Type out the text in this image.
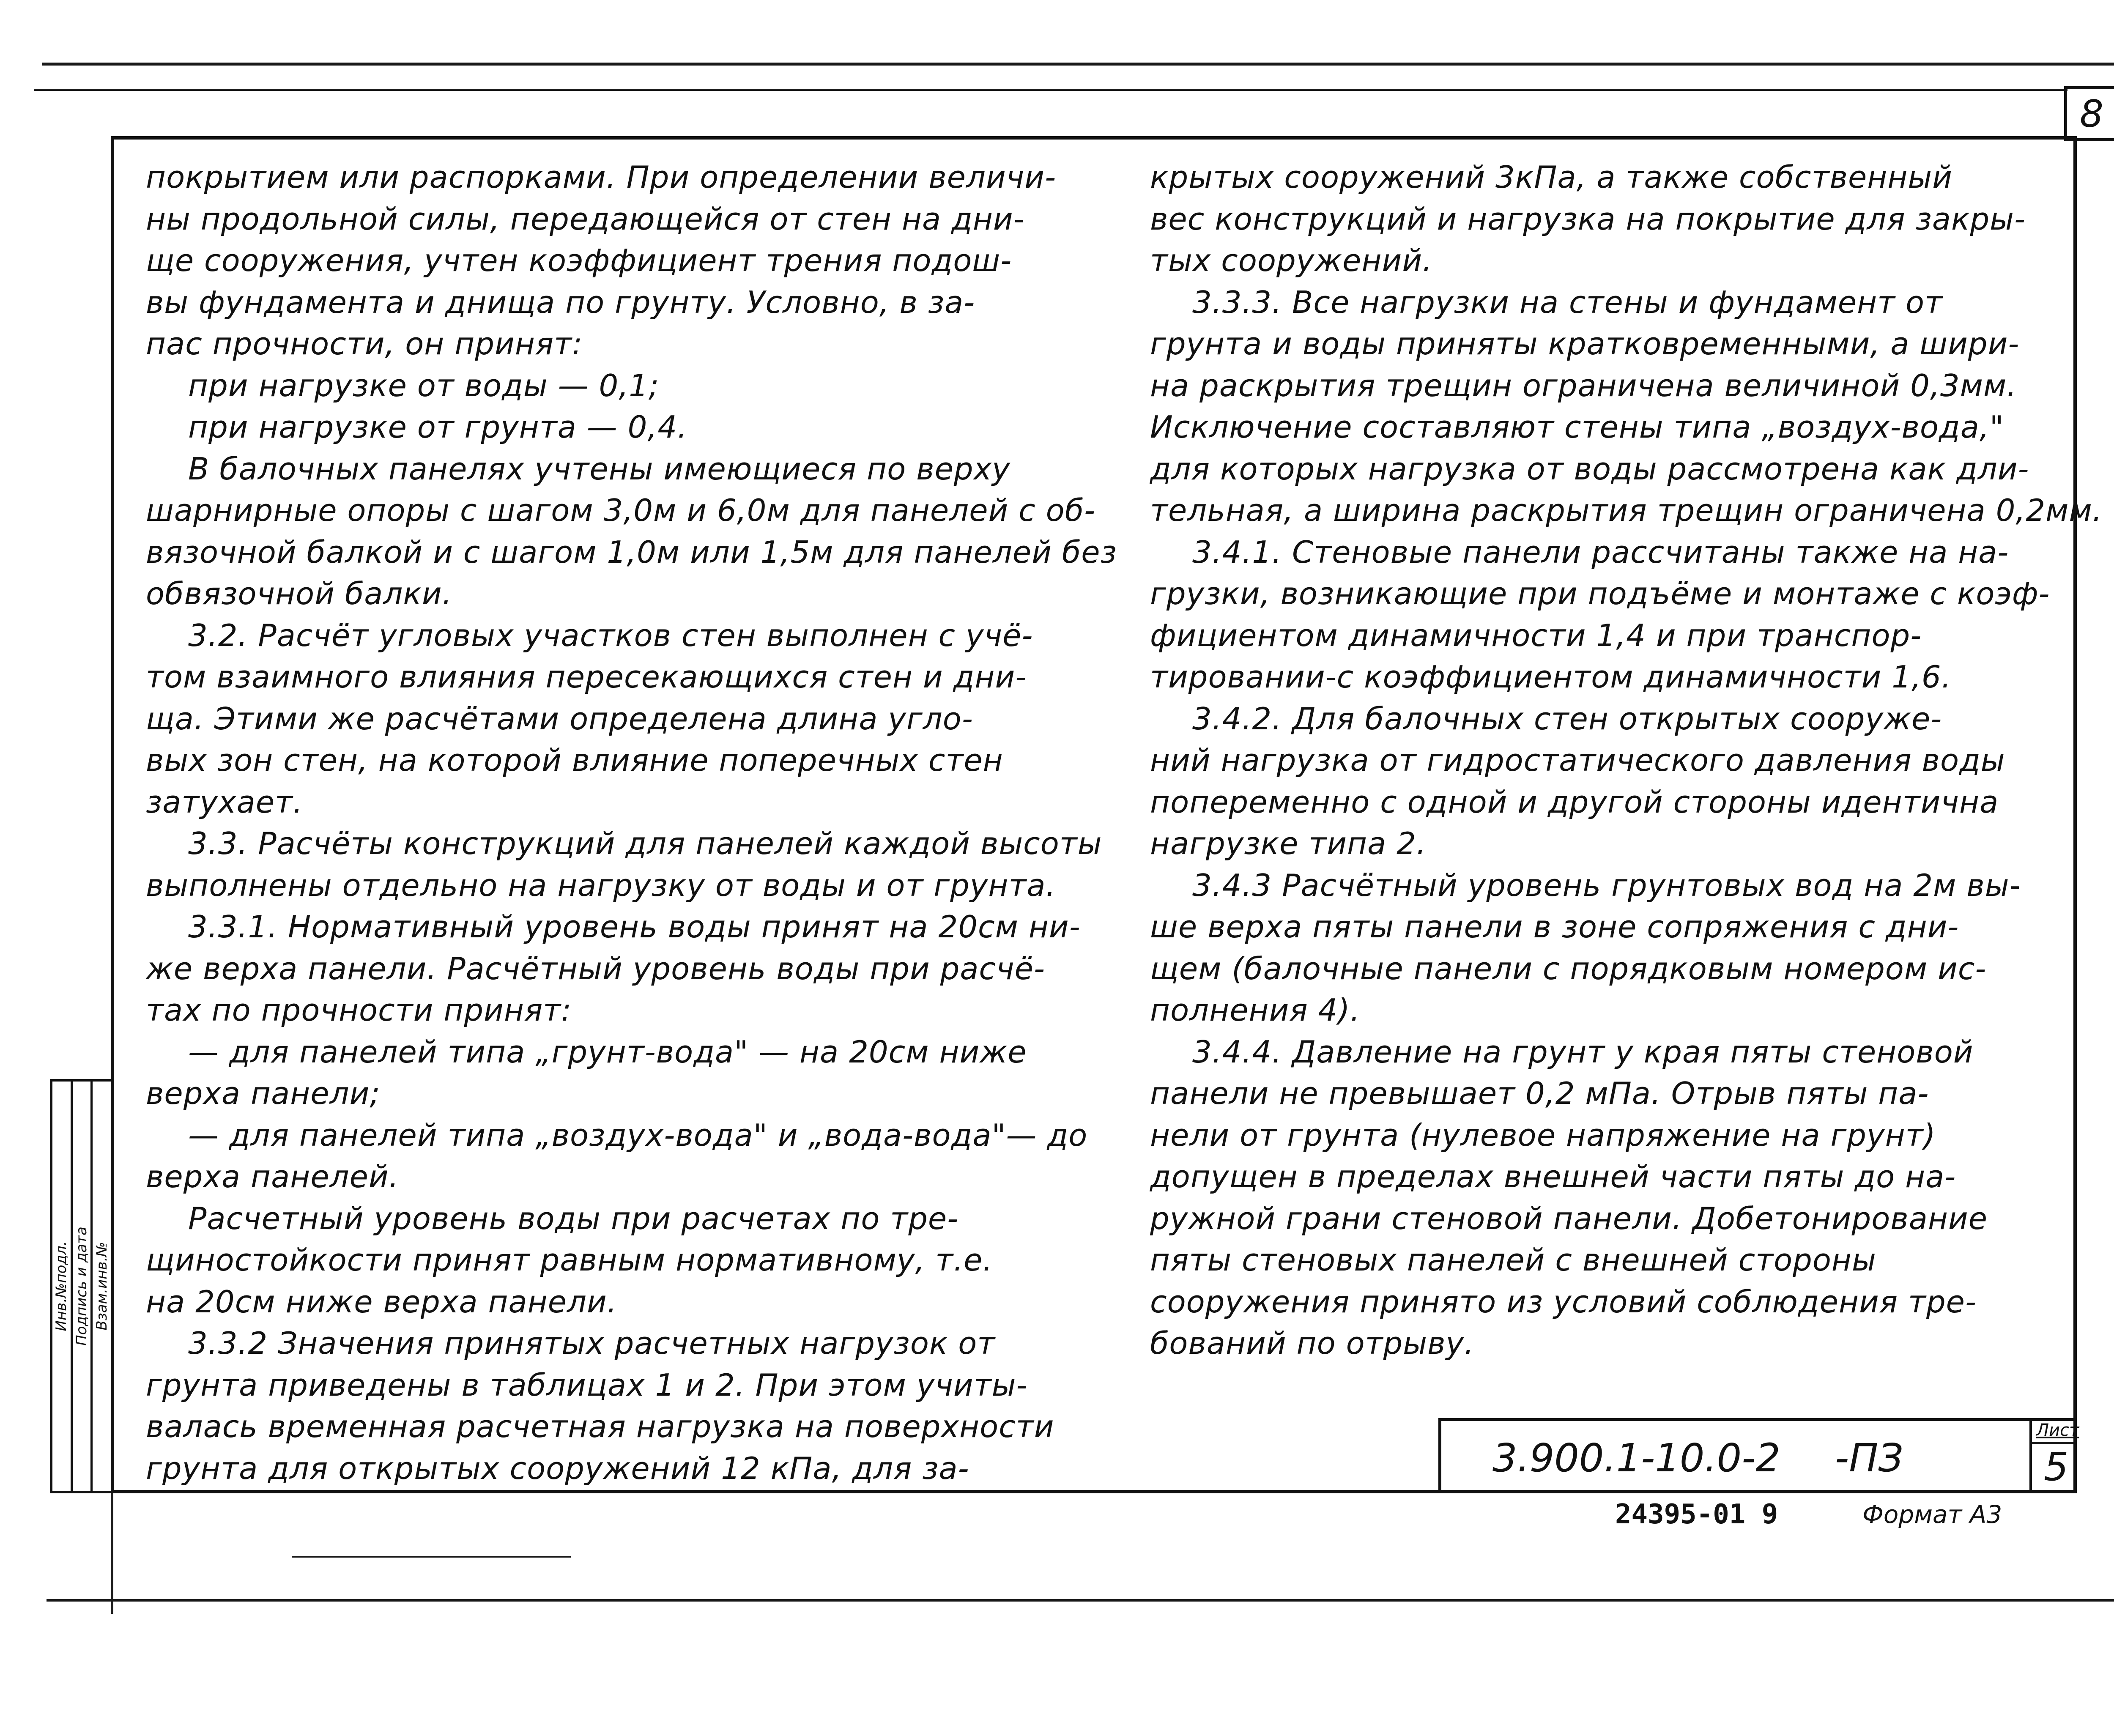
8

покрытием или распорками. При определении величи-

ны продольной силы, передающейся от стен на дни-

ще сооружения, учтен коэффициент трения подош-

вы фундамента и днища по грунту. Условно, в за-

пас прочности, он принят:

при нагрузке от воды — 0,1;

при нагрузке от грунта — 0,4.

В балочных панелях учтены имеющиеся по верху

шарнирные опоры с шагом 3,0м и 6,0м для панелей с об-

вязочной балкой и с шагом 1,0м или 1,5м для панелей без

обвязочной балки.

3.2. Расчёт угловых участков стен выполнен с учё-

том взаимного влияния пересекающихся стен и дни-

ща. Этими же расчётами определена длина угло-

вых зон стен, на которой влияние поперечных стен

затухает.

3.3. Расчёты конструкций для панелей каждой высоты

выполнены отдельно на нагрузку от воды и от грунта.

3.3.1. Нормативный уровень воды принят на 20см ни-

же верха панели. Расчётный уровень воды при расчё-

тах по прочности принят:

— для панелей типа „грунт-вода" — на 20см ниже

верха панели;

— для панелей типа „воздух-вода" и „вода-вода"— до

верха панелей.

Расчетный уровень воды при расчетах по тре-

щиностойкости принят равным нормативному, т.е.

на 20см ниже верха панели.

3.3.2 Значения принятых расчетных нагрузок от

грунта приведены в таблицах 1 и 2. При этом учиты-

валась временная расчетная нагрузка на поверхности

грунта для открытых сооружений 12 кПа, для за-

крытых сооружений 3кПа, а также собственный

вес конструкций и нагрузка на покрытие для закры-

тых сооружений.

3.3.3. Все нагрузки на стены и фундамент от

грунта и воды приняты кратковременными, а шири-

на раскрытия трещин ограничена величиной 0,3мм.

Исключение составляют стены типа „воздух-вода,"

для которых нагрузка от воды рассмотрена как дли-

тельная, а ширина раскрытия трещин ограничена 0,2мм.

3.4.1. Стеновые панели рассчитаны также на на-

грузки, возникающие при подъёме и монтаже с коэф-

фициентом динамичности 1,4 и при транспор-

тировании-с коэффициентом динамичности 1,6.

3.4.2. Для балочных стен открытых сооруже-

ний нагрузка от гидростатического давления воды

попеременно с одной и другой стороны идентична

нагрузке типа 2.

3.4.3 Расчётный уровень грунтовых вод на 2м вы-

ше верха пяты панели в зоне сопряжения с дни-

щем (балочные панели с порядковым номером ис-

полнения 4).

3.4.4. Давление на грунт у края пяты стеновой

панели не превышает 0,2 мПа. Отрыв пяты па-

нели от грунта (нулевое напряжение на грунт)

допущен в пределах внешней части пяты до на-

ружной грани стеновой панели. Добетонирование

пяты стеновых панелей с внешней стороны

сооружения принято из условий соблюдения тре-

бований по отрыву.

Инв.№подл. Подпись и дата Взам.инв.№
3.900.1-10.0-2 -ПЗ
Лист
5
24395-01 9	Формат А3
